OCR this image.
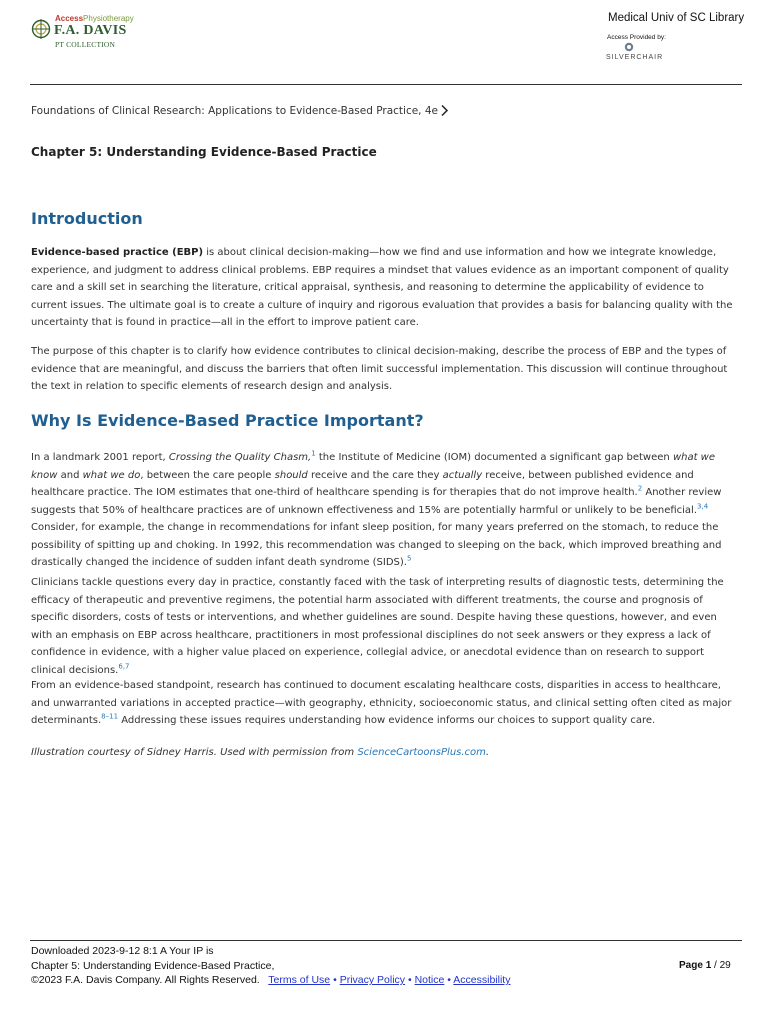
AccessPhysiotherapy
F.A. DAVIS
PT COLLECTION
Medical Univ of SC Library
Access Provided by:
SILVERCHAIR
Foundations of Clinical Research: Applications to Evidence-Based Practice, 4e
Chapter 5: Understanding Evidence-Based Practice
Introduction

Evidence-based practice (EBP) is about clinical decision-making—how we find and use information and how we integrate knowledge, experience, and judgment to address clinical problems. EBP requires a mindset that values evidence as an important component of quality care and a skill set in searching the literature, critical appraisal, synthesis, and reasoning to determine the applicability of evidence to current issues. The ultimate goal is to create a culture of inquiry and rigorous evaluation that provides a basis for balancing quality with the uncertainty that is found in practice—all in the effort to improve patient care.

The purpose of this chapter is to clarify how evidence contributes to clinical decision-making, describe the process of EBP and the types of evidence that are meaningful, and discuss the barriers that often limit successful implementation. This discussion will continue throughout the text in relation to specific elements of research design and analysis.

Why Is Evidence-Based Practice Important?

In a landmark 2001 report, Crossing the Quality Chasm,$^1$ the Institute of Medicine (IOM) documented a significant gap between what we know and what we do, between the care people should receive and the care they actually receive, between published evidence and healthcare practice. The IOM estimates that one-third of healthcare spending is for therapies that do not improve health.$^2$ Another review suggests that 50% of healthcare practices are of unknown effectiveness and 15% are potentially harmful or unlikely to be beneficial.$^{3,4}$ Consider, for example, the change in recommendations for infant sleep position, for many years preferred on the stomach, to reduce the possibility of spitting up and choking. In 1992, this recommendation was changed to sleeping on the back, which improved breathing and drastically changed the incidence of sudden infant death syndrome (SIDS).$^5$

Clinicians tackle questions every day in practice, constantly faced with the task of interpreting results of diagnostic tests, determining the efficacy of therapeutic and preventive regimens, the potential harm associated with different treatments, the course and prognosis of specific disorders, costs of tests or interventions, and whether guidelines are sound. Despite having these questions, however, and even with an emphasis on EBP across healthcare, practitioners in most professional disciplines do not seek answers or they express a lack of confidence in evidence, with a higher value placed on experience, collegial advice, or anecdotal evidence than on research to support clinical decisions.$^{6,7}$

From an evidence-based standpoint, research has continued to document escalating healthcare costs, disparities in access to healthcare, and unwarranted variations in accepted practice—with geography, ethnicity, socioeconomic status, and clinical setting often cited as major determinants.$^{8-11}$ Addressing these issues requires understanding how evidence informs our choices to support quality care.

Illustration courtesy of Sidney Harris. Used with permission from ScienceCartoonsPlus.com.

Downloaded 2023-9-12 8:1 A Your IP is
Chapter 5: Understanding Evidence-Based Practice,
©2023 F.A. Davis Company. All Rights Reserved. Terms of Use • Privacy Policy • Notice • Accessibility
Page 1 / 29
